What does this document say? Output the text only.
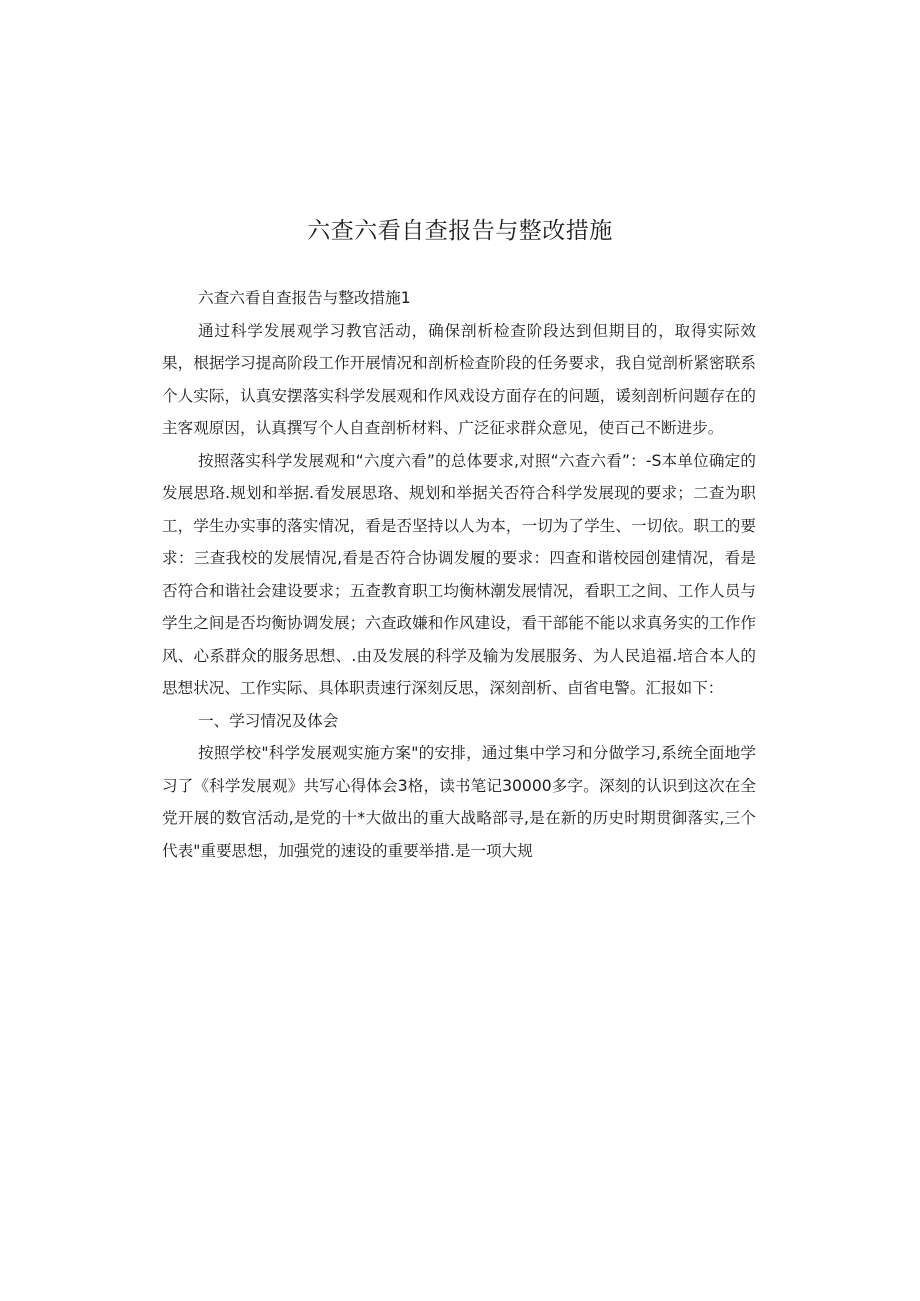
六查六看自查报告与整改措施

六查六看自查报告与整改措施1

通过科学发展观学习教官活动，确保剖析检查阶段达到但期目的，取得实际效果，根据学习提高阶段工作开展情况和剖析检查阶段的任务要求，我自觉剖析紧密联系个人实际，认真安摆落实科学发展观和作风戏设方面存在的问题，谖刻剖析问题存在的主客观原因，认真撰写个人自查剖析材料、广泛征求群众意见，使百己不断进步。

按照落实科学发展观和“六度六看”的总体要求,对照“六查六看”：-S本单位确定的发展思珞.规划和举据.看发展思珞、规划和举据关否符合科学发展现的要求；二查为职工，学生办实事的落实情况，看是否坚持以人为本，一切为了学生、一切依。职工的要求：三查我校的发展情况,看是否符合协调发履的要求：四查和谐校园创建情况，看是否符合和谐社会建设要求；五查教育职工均衡林潮发展情况，看职工之间、工作人员与学生之间是否均衡协调发展；六查政嫌和作风建设，看干部能不能以求真务实的工作作风、心系群众的服务思想、.由及发展的科学及输为发展服务、为人民追福.培合本人的思想状况、工作实际、具体职责速行深刻反思，深刻剖析、卣省电警。汇报如下：

一、学习情况及体会

按照学校"科学发展观实施方案"的安排，通过集中学习和分做学习,系统全面地学习了《科学发展观》共写心得体会3格，读书笔记30000多字。深刻的认识到这次在全党开展的数官活动,是党的十*大做出的重大战略部寻,是在新的历史时期贯御落实,三个代表"重要思想，加强党的速设的重要举措.是一项大规
